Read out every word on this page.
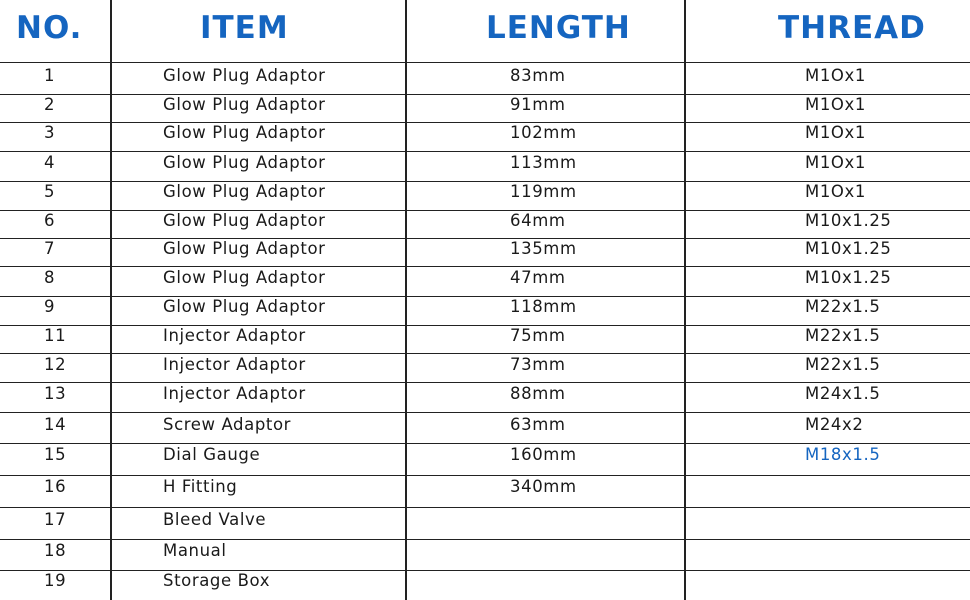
NO.	ITEM	LENGTH	THREAD
1	Glow Plug Adaptor	83mm	M1Ox1
2	Glow Plug Adaptor	91mm	M1Ox1
3	Glow Plug Adaptor	102mm	M1Ox1
4	Glow Plug Adaptor	113mm	M1Ox1
5	Glow Plug Adaptor	119mm	M1Ox1
6	Glow Plug Adaptor	64mm	M10x1.25
7	Glow Plug Adaptor	135mm	M10x1.25
8	Glow Plug Adaptor	47mm	M10x1.25
9	Glow Plug Adaptor	118mm	M22x1.5
11	Injector Adaptor	75mm	M22x1.5
12	Injector Adaptor	73mm	M22x1.5
13	Injector Adaptor	88mm	M24x1.5
14	Screw Adaptor	63mm	M24x2
15	Dial Gauge	160mm	M18x1.5
16	H Fitting	340mm
17	Bleed Valve
18	Manual
19	Storage Box
